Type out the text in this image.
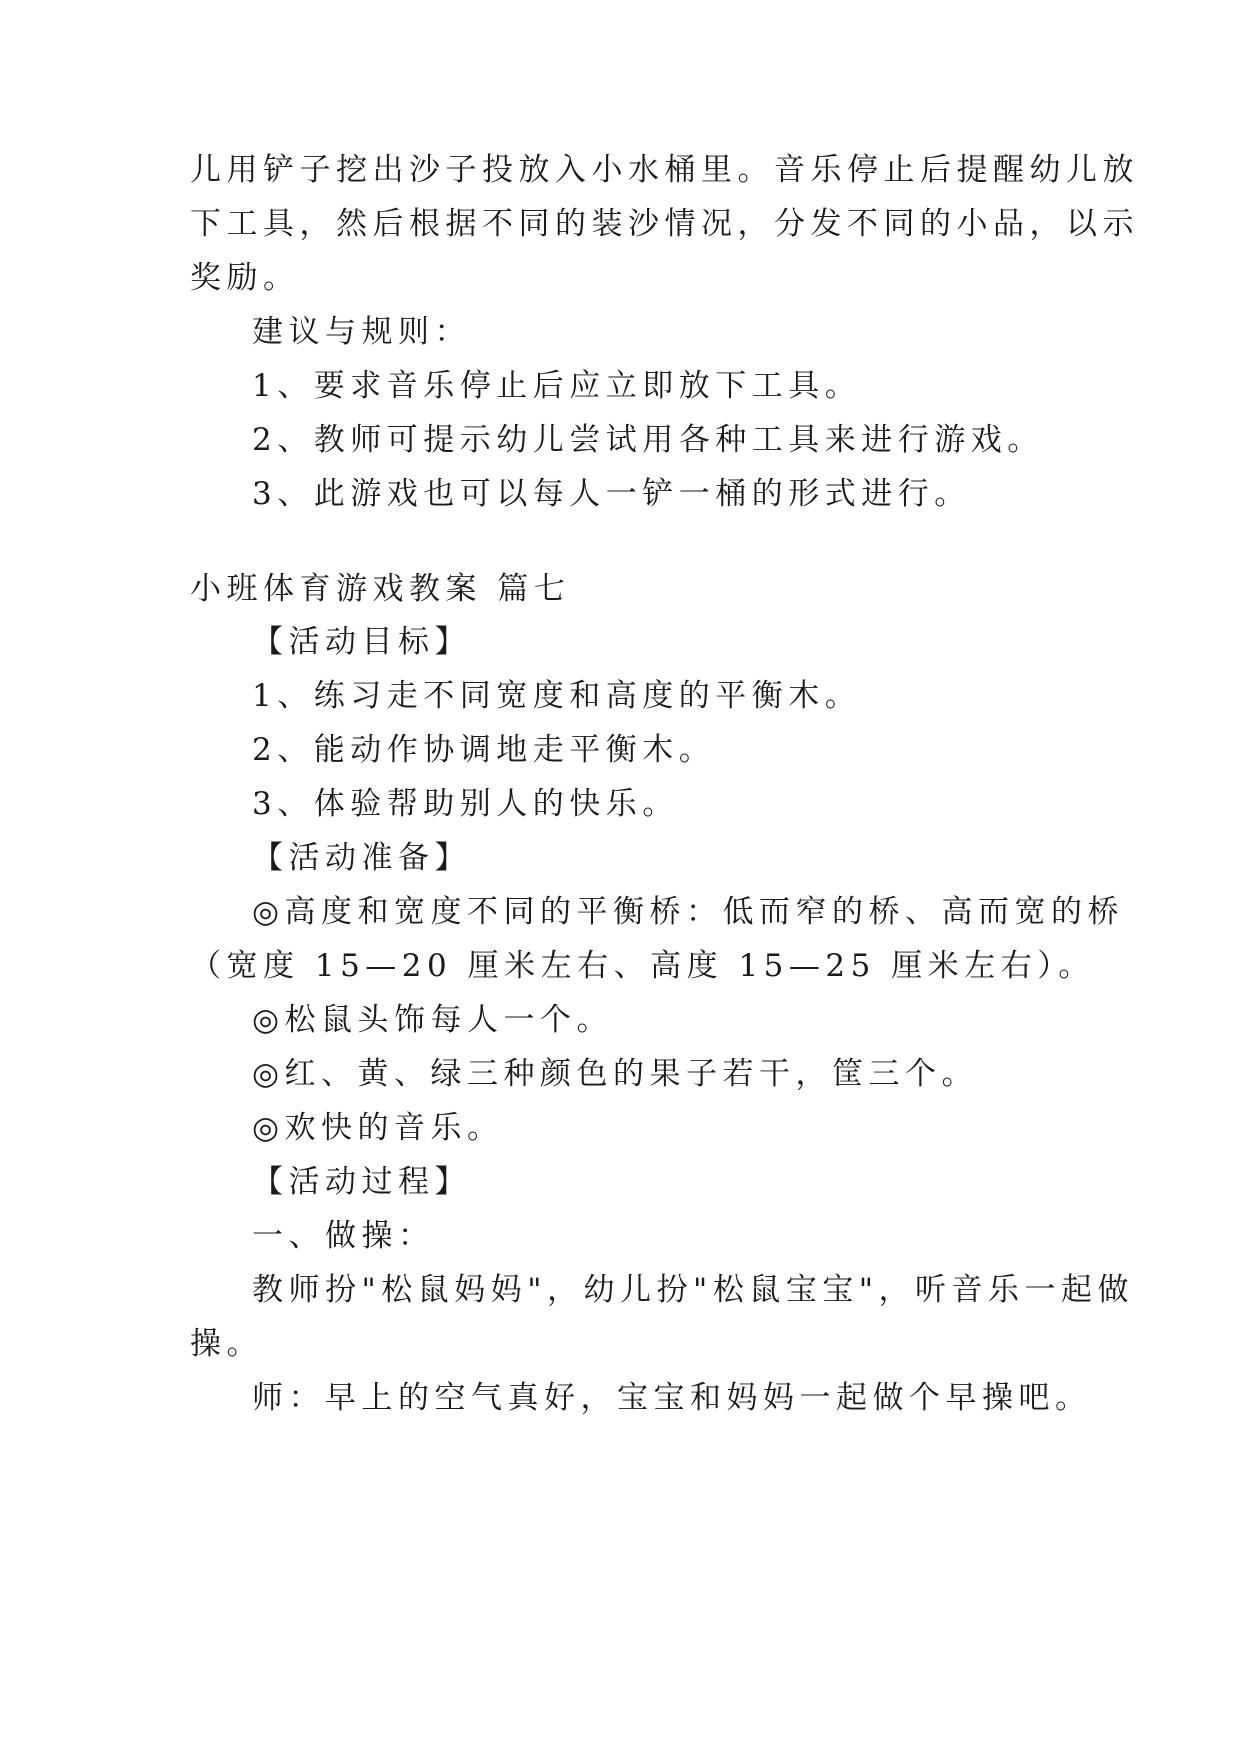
儿用铲子挖出沙子投放入小水桶里。音乐停止后提醒幼儿放
下工具，然后根据不同的装沙情况，分发不同的小品，以示
奖励。
建议与规则：
1、要求音乐停止后应立即放下工具。
2、教师可提示幼儿尝试用各种工具来进行游戏。
3、此游戏也可以每人一铲一桶的形式进行。
小班体育游戏教案 篇七
【活动目标】
1、练习走不同宽度和高度的平衡木。
2、能动作协调地走平衡木。
3、体验帮助别人的快乐。
【活动准备】
◎高度和宽度不同的平衡桥：低而窄的桥、高而宽的桥
（宽度 15—20 厘米左右、高度 15—25 厘米左右）。
◎松鼠头饰每人一个。
◎红、黄、绿三种颜色的果子若干，筐三个。
◎欢快的音乐。
【活动过程】
一、做操：
教师扮"松鼠妈妈"，幼儿扮"松鼠宝宝"，听音乐一起做
操。
师：早上的空气真好，宝宝和妈妈一起做个早操吧。
